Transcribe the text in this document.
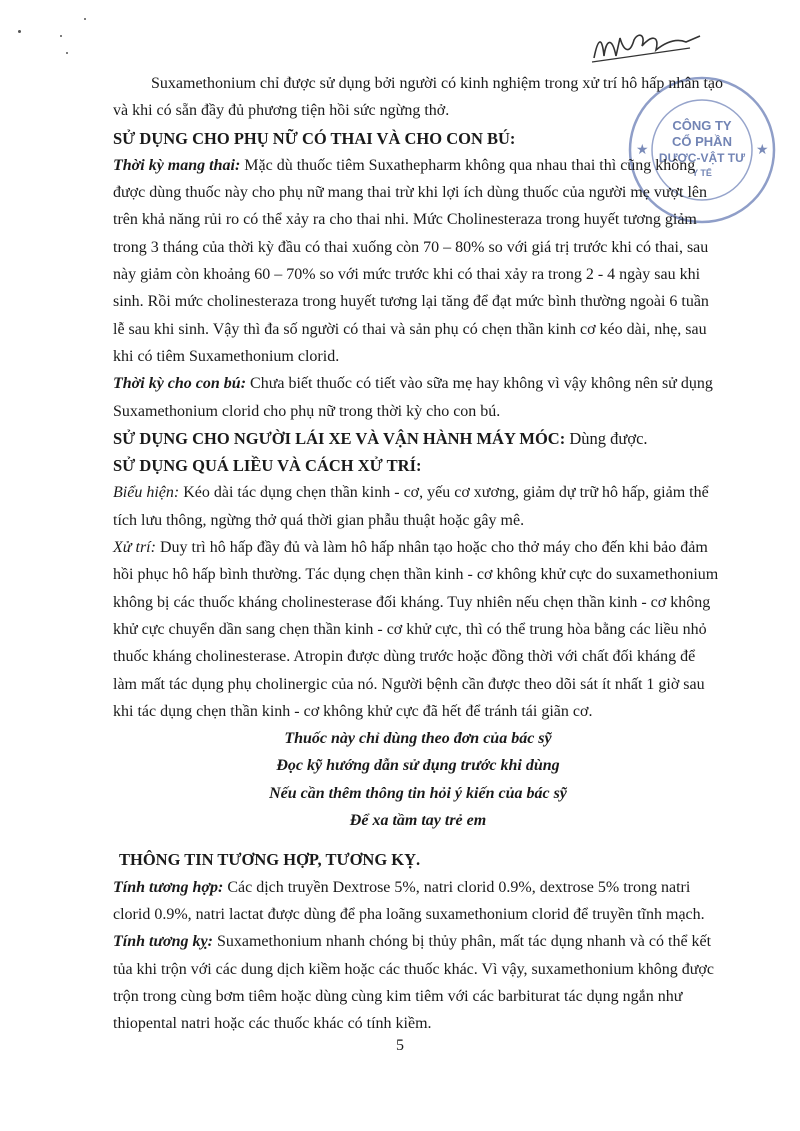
CÔNG TY
CỔ PHẦN
DƯỢC-VẬT TƯ
Y TẾ
★	★

Suxamethonium chỉ được sử dụng bởi người có kinh nghiệm trong xử trí hô hấp nhân tạo và khi có sẵn đầy đủ phương tiện hồi sức ngừng thở.

SỬ DỤNG CHO PHỤ NỮ CÓ THAI VÀ CHO CON BÚ:

Thời kỳ mang thai: Mặc dù thuốc tiêm Suxathepharm không qua nhau thai thì cũng không được dùng thuốc này cho phụ nữ mang thai trừ khi lợi ích dùng thuốc của người mẹ vượt lên trên khả năng rủi ro có thể xảy ra cho thai nhi. Mức Cholinesteraza trong huyết tương giảm trong 3 tháng của thời kỳ đầu có thai xuống còn 70 – 80% so với giá trị trước khi có thai, sau này giảm còn khoảng 60 – 70% so với mức trước khi có thai xảy ra trong 2 - 4 ngày sau khi sinh. Rồi mức cholinesteraza trong huyết tương lại tăng để đạt mức bình thường ngoài 6 tuần lễ sau khi sinh. Vậy thì đa số người có thai và sản phụ có chẹn thần kinh cơ kéo dài, nhẹ, sau khi có tiêm Suxamethonium clorid.

Thời kỳ cho con bú: Chưa biết thuốc có tiết vào sữa mẹ hay không vì vậy không nên sử dụng Suxamethonium clorid cho phụ nữ trong thời kỳ cho con bú.

SỬ DỤNG CHO NGƯỜI LÁI XE VÀ VẬN HÀNH MÁY MÓC: Dùng được.

SỬ DỤNG QUÁ LIỀU VÀ CÁCH XỬ TRÍ:

Biểu hiện: Kéo dài tác dụng chẹn thần kinh - cơ, yếu cơ xương, giảm dự trữ hô hấp, giảm thể tích lưu thông, ngừng thở quá thời gian phẫu thuật hoặc gây mê.

Xử trí: Duy trì hô hấp đầy đủ và làm hô hấp nhân tạo hoặc cho thở máy cho đến khi bảo đảm hồi phục hô hấp bình thường. Tác dụng chẹn thần kinh - cơ không khử cực do suxamethonium không bị các thuốc kháng cholinesterase đối kháng. Tuy nhiên nếu chẹn thần kinh - cơ không khử cực chuyển dần sang chẹn thần kinh - cơ khử cực, thì có thể trung hòa bằng các liều nhỏ thuốc kháng cholinesterase. Atropin được dùng trước hoặc đồng thời với chất đối kháng để làm mất tác dụng phụ cholinergic của nó. Người bệnh cần được theo dõi sát ít nhất 1 giờ sau khi tác dụng chẹn thần kinh - cơ không khử cực đã hết để tránh tái giãn cơ.

Thuốc này chỉ dùng theo đơn của bác sỹ

Đọc kỹ hướng dẫn sử dụng trước khi dùng

Nếu cần thêm thông tin hỏi ý kiến của bác sỹ

Để xa tầm tay trẻ em

THÔNG TIN TƯƠNG HỢP, TƯƠNG KỴ.

Tính tương hợp: Các dịch truyền Dextrose 5%, natri clorid 0.9%, dextrose 5% trong natri clorid 0.9%, natri lactat được dùng để pha loãng suxamethonium clorid để truyền tĩnh mạch.

Tính tương kỵ: Suxamethonium nhanh chóng bị thủy phân, mất tác dụng nhanh và có thể kết tủa khi trộn với các dung dịch kiềm hoặc các thuốc khác. Vì vậy, suxamethonium không được trộn trong cùng bơm tiêm hoặc dùng cùng kim tiêm với các barbiturat tác dụng ngắn như thiopental natri hoặc các thuốc khác có tính kiềm.

5
